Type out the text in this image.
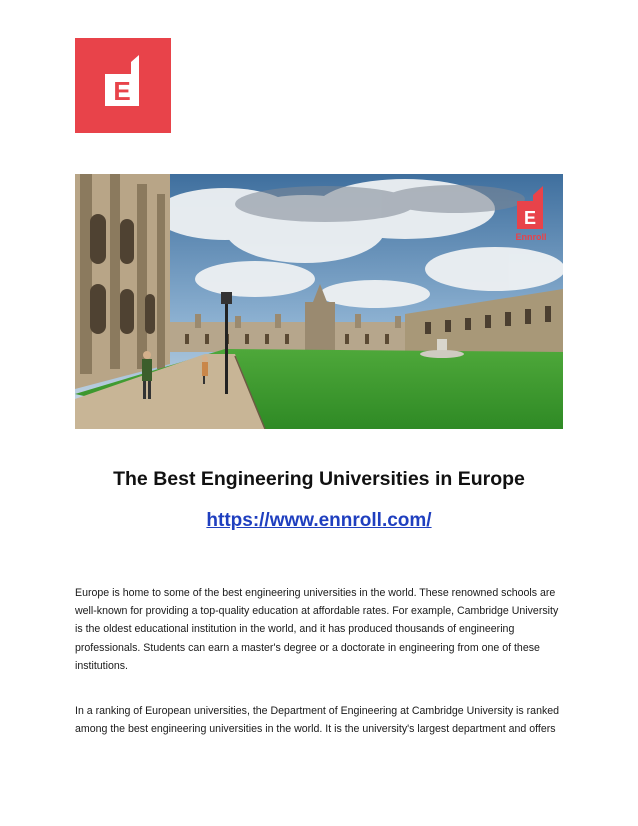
E
E
Ennroll
The Best Engineering Universities in Europe
https://www.ennroll.com/

Europe is home to some of the best engineering universities in the world. These renowned schools are well-known for providing a top-quality education at affordable rates. For example, Cambridge University is the oldest educational institution in the world, and it has produced thousands of engineering professionals. Students can earn a master's degree or a doctorate in engineering from one of these institutions.

In a ranking of European universities, the Department of Engineering at Cambridge University is ranked among the best engineering universities in the world. It is the university's largest department and offers
